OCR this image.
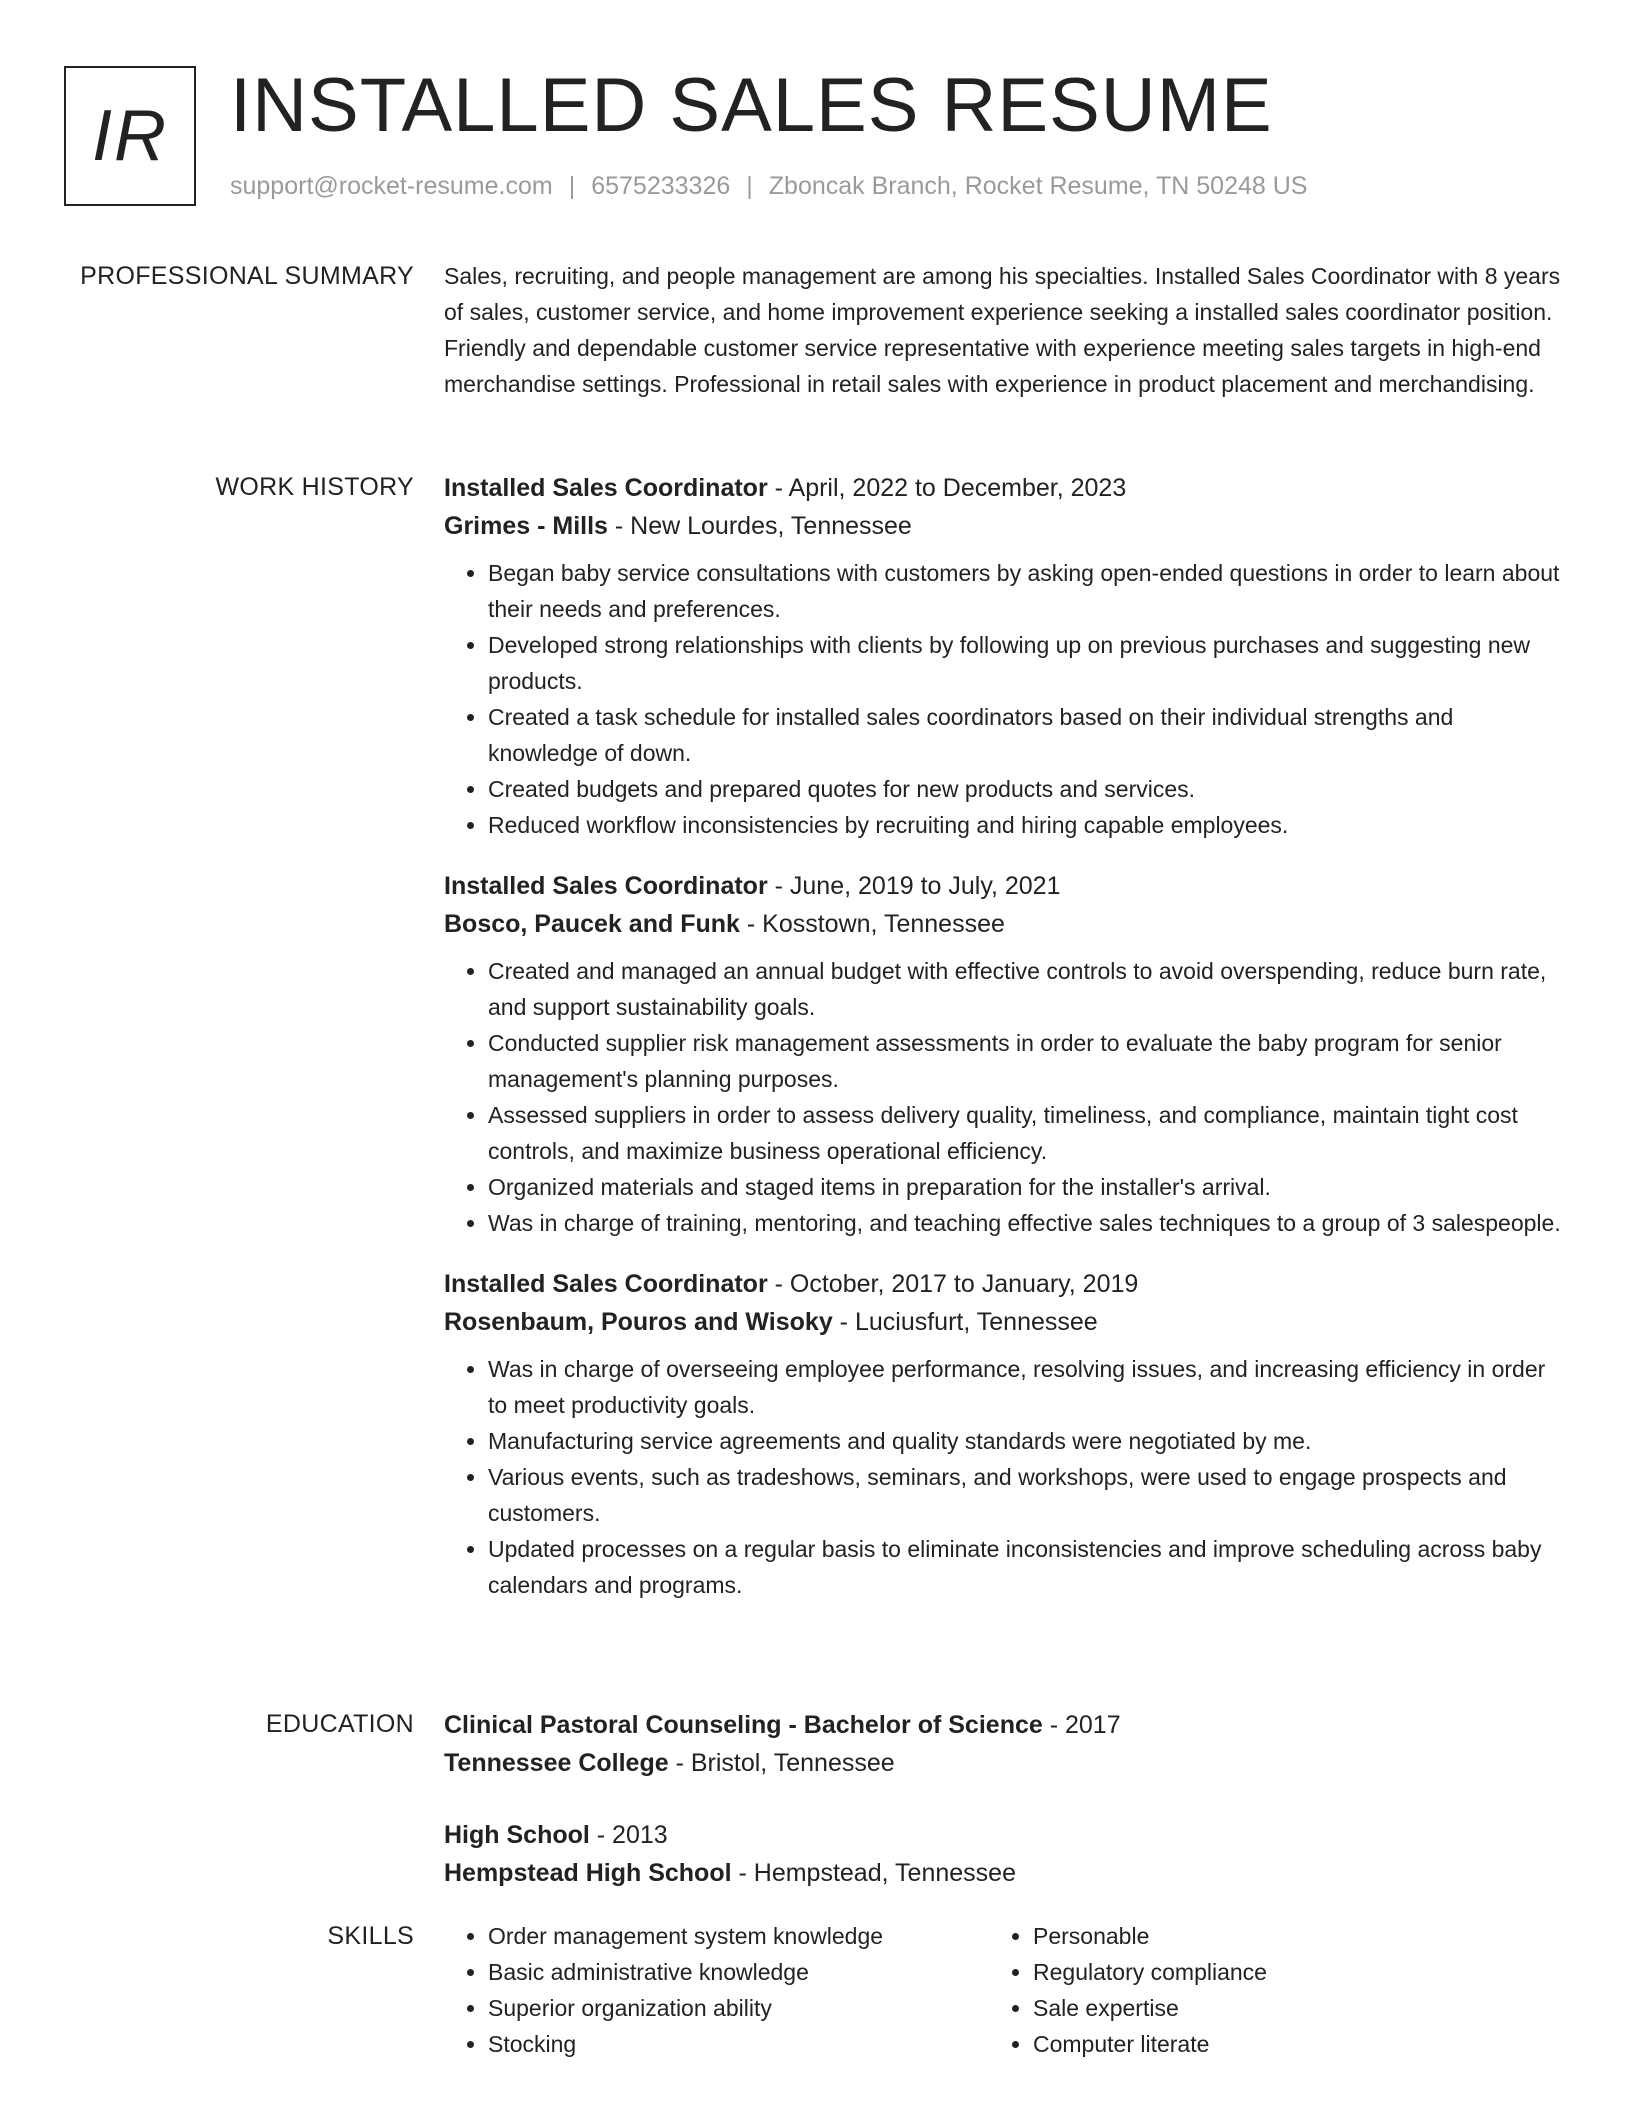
IR INSTALLED SALES RESUME
support@rocket-resume.com | 6575233326 | Zboncak Branch, Rocket Resume, TN 50248 US
PROFESSIONAL SUMMARY Sales, recruiting, and people management are among his specialties. Installed Sales Coordinator with 8 years of sales, customer service, and home improvement experience seeking a installed sales coordinator position. Friendly and dependable customer service representative with experience meeting sales targets in high-end merchandise settings. Professional in retail sales with experience in product placement and merchandising.
WORK HISTORY Installed Sales Coordinator - April, 2022 to December, 2023
Grimes - Mills - New Lourdes, Tennessee
• Began baby service consultations with customers by asking open-ended questions in order to learn about their needs and preferences.
• Developed strong relationships with clients by following up on previous purchases and suggesting new products.
• Created a task schedule for installed sales coordinators based on their individual strengths and knowledge of down.
• Created budgets and prepared quotes for new products and services.
• Reduced workflow inconsistencies by recruiting and hiring capable employees.
Installed Sales Coordinator - June, 2019 to July, 2021
Bosco, Paucek and Funk - Kosstown, Tennessee
• Created and managed an annual budget with effective controls to avoid overspending, reduce burn rate, and support sustainability goals.
• Conducted supplier risk management assessments in order to evaluate the baby program for senior management's planning purposes.
• Assessed suppliers in order to assess delivery quality, timeliness, and compliance, maintain tight cost controls, and maximize business operational efficiency.
• Organized materials and staged items in preparation for the installer's arrival.
• Was in charge of training, mentoring, and teaching effective sales techniques to a group of 3 salespeople.
Installed Sales Coordinator - October, 2017 to January, 2019
Rosenbaum, Pouros and Wisoky - Luciusfurt, Tennessee
• Was in charge of overseeing employee performance, resolving issues, and increasing efficiency in order to meet productivity goals.
• Manufacturing service agreements and quality standards were negotiated by me.
• Various events, such as tradeshows, seminars, and workshops, were used to engage prospects and customers.
• Updated processes on a regular basis to eliminate inconsistencies and improve scheduling across baby calendars and programs.
EDUCATION Clinical Pastoral Counseling - Bachelor of Science - 2017
Tennessee College - Bristol, Tennessee
High School - 2013
Hempstead High School - Hempstead, Tennessee
SKILLS
•	Order management system knowledge
• Basic administrative knowledge
• Superior organization ability
• Stocking
• Personable
• Regulatory compliance
• Sale expertise
• Computer literate
